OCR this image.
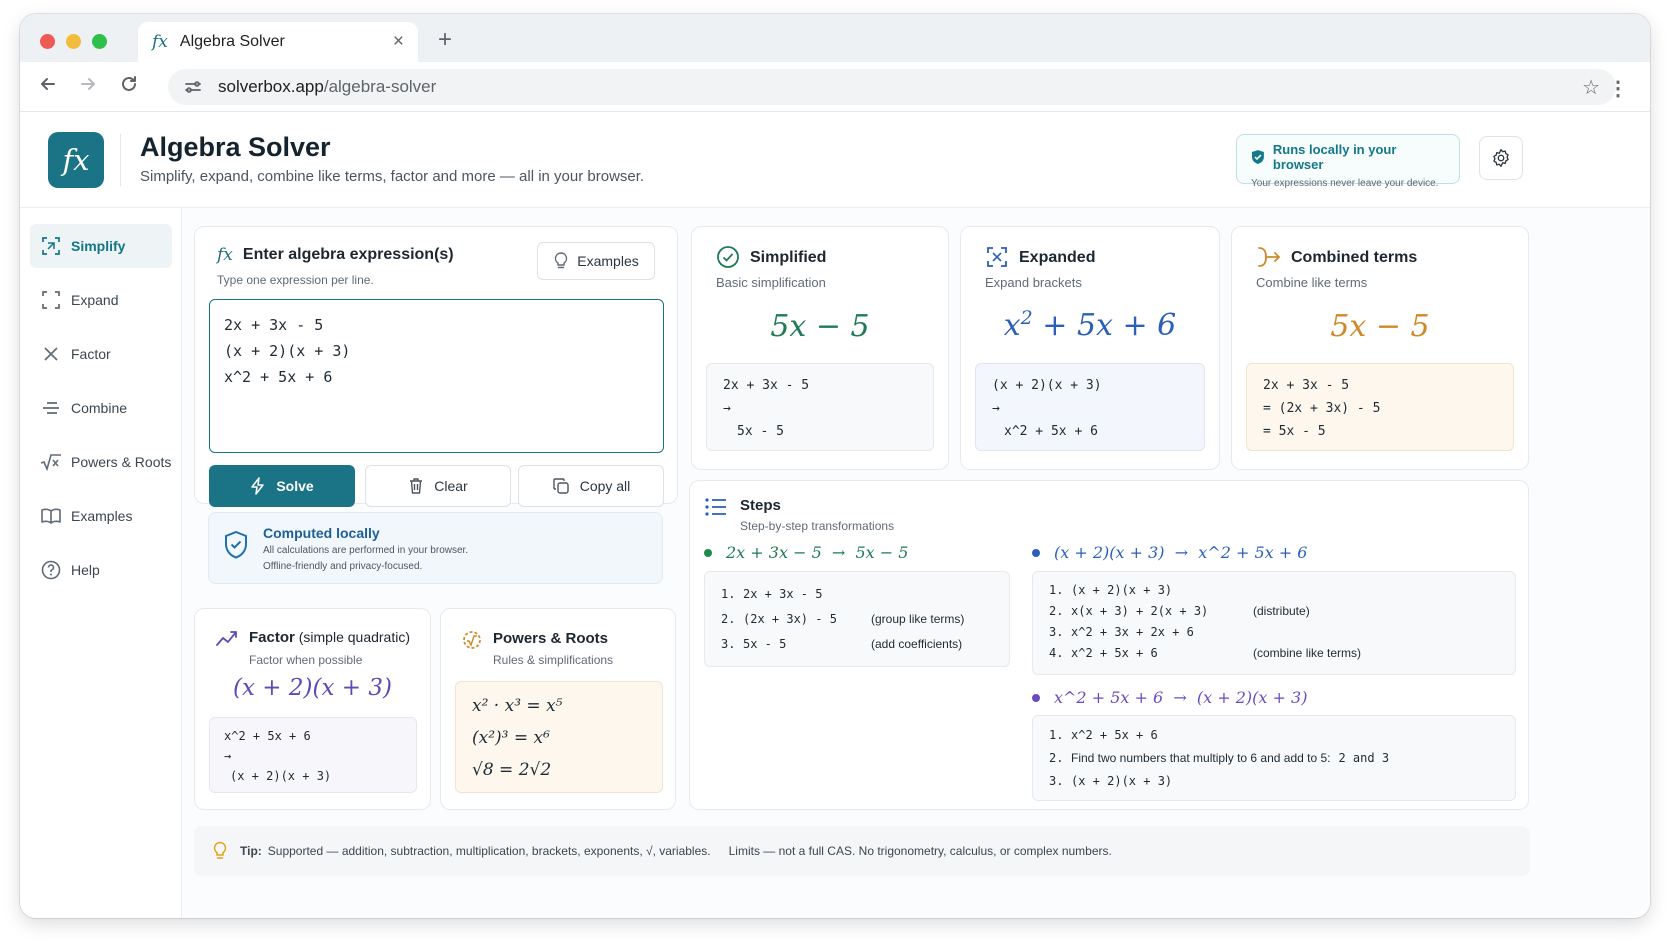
fx Algebra Solver	× +
solverbox.app /algebra-solver	☆ ⋮
fx	Algebra Solver
Simplify, expand, combine like terms, factor and more — all in your browser.
Runs locally in your browser
Your expressions never leave your device.
Simplify
Expand
Factor
Combine
Powers & Roots
Examples
Help
fx Enter algebra expression(s)
Type one expression per line.
Examples
2x + 3x - 5
(x + 2)(x + 3)
x^2 + 5x + 6
Solve	Clear	Copy all
Computed locally
All calculations are performed in your browser.
Offline-friendly and privacy-focused.
Simplified
Basic simplification
5x − 5
2x + 3x - 5
→
5x - 5
Expanded
Expand brackets
$x^2 + 5x + 6$
(x + 2)(x + 3)
→
x^2 + 5x + 6
Combined terms
Combine like terms
5x − 5
2x + 3x - 5
= (2x + 3x) - 5
= 5x - 5
Factor (simple quadratic)
Factor when possible
(x + 2)(x + 3)
x^2 + 5x + 6
→
(x + 2)(x + 3)
Powers & Roots
Rules & simplifications
x² · x³ = x⁵
(x²)³ = x⁶
√8 = 2√2
Steps
Step-by-step transformations
2x + 3x − 5  →  5x − 5
1. 2x + 3x - 5
2. (2x + 3x) - 5	(group like terms)
3. 5x - 5	(add coefficients)
(x + 2)(x + 3)  →  x^2 + 5x + 6
1. (x + 2)(x + 3)
2. x(x + 3) + 2(x + 3)	(distribute)
3. x^2 + 3x + 2x + 6
4. x^2 + 5x + 6	(combine like terms)
x^2 + 5x + 6  →  (x + 2)(x + 3)
1. x^2 + 5x + 6
2. Find two numbers that multiply to 6 and add to 5: 2 and 3
3. (x + 2)(x + 3)
Tip: Supported — addition, subtraction, multiplication, brackets, exponents, √, variables. Limits — not a full CAS. No trigonometry, calculus, or complex numbers.
